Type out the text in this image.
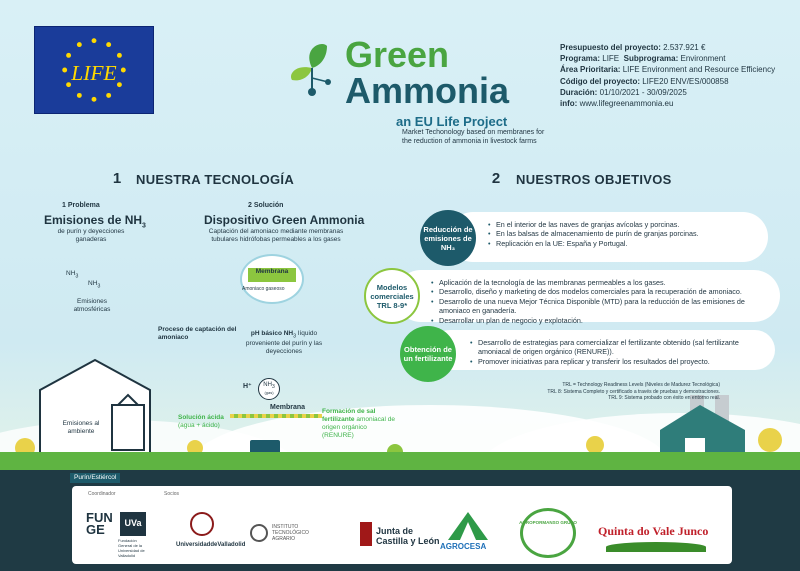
LIFE	Green
Ammonia
an EU Life Project
Market Techonology based on membranes for the reduction of ammonia in livestock farms
Presupuesto del proyecto: 2.537.921 €
Programa: LIFE Subprograma: Environment
Área Prioritaria: LIFE Environment and Resource Efficiency
Código del proyecto: LIFE20 ENV/ES/000858
Duración: 01/10/2021 - 30/09/2025
info: www.lifegreenammonia.eu
1	NUESTRA TECNOLOGÍA
1 Problema
Emisiones de $NH_3$
de purín y deyecciones ganaderas
2 Solución
Dispositivo Green Ammonia
Captación del amoniaco mediante membranas tubulares hidrófobas permeables a los gases
$NH_3$
$NH_3$
Emisiones atmosféricas
Emisiones al ambiente
Purín/Estiércol
Proceso de captación del amoniaco
Membrana
Amoniaco gaseoso
pH básico $NH_3$ líquido proveniente del purín y las deyecciones
H⁺	$NH_3$
(gas)
Membrana
Solución ácida
(agua + ácido)
Formación de sal fertilizante amoniacal de origen orgánico (RENURE)
2	NUESTROS OBJETIVOS
• En el interior de las naves de granjas avícolas y porcinas.
• En las balsas de almacenamiento de purín de granjas porcinas.
• Replicación en la UE: España y Portugal.
Reducción de emisiones de NH₃
• Aplicación de la tecnología de las membranas permeables a los gases.
• Desarrollo, diseño y marketing de dos modelos comerciales para la recuperación de amoniaco.
• Desarrollo de una nueva Mejor Técnica Disponible (MTD) para la reducción de las emisiones de amoniaco en ganadería.
• Desarrollar un plan de negocio y explotación.
Modelos comerciales TRL 8-9*
• Desarrollo de estrategias para comercializar el fertilizante obtenido (sal fertilizante amoniacal de origen orgánico (RENURE)).
• Promover iniciativas para replicar y transferir los resultados del proyecto.
Obtención de un fertilizante
TRL = Technology Readiness Levels (Niveles de Madurez Tecnológica)
TRL 8: Sistema Completo y certificado a través de pruebas y demostraciones.
TRL 9: Sistema probado con éxito en entorno real.
Coordinador	Socios
FUN GE	UVa
Fundación General de la Universidad de Valladolid
UniversidaddeValladolid
INSTITUTO
TECNOLÓGICO
AGRARIO
Junta de
Castilla y León
AGROCESA
AGROPORMANSO GRUPO
Quinta do Vale Junco
